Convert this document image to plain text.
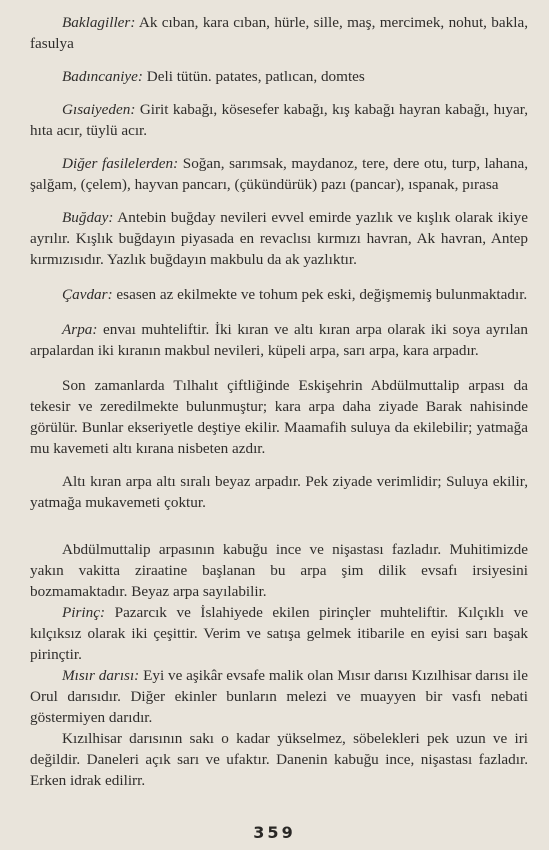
Baklagiller: Ak cıban, kara cıban, hürle, sille, maş, mercimek, nohut, bakla, fasulya

Badıncaniye: Deli tütün. patates, patlıcan, domtes

Gısaiyeden: Girit kabağı, kösesefer kabağı, kış kabağı hayran kabağı, hıyar, hıta acır, tüylü acır.

Diğer fasilelerden: Soğan, sarımsak, maydanoz, tere, dere otu, turp, lahana, şalğam, (çelem), hayvan pancarı, (çükündürük) pazı (pancar), ıspanak, pırasa

Buğday: Antebin buğday nevileri evvel emirde yazlık ve kışlık olarak ikiye ayrılır. Kışlık buğdayın piyasada en revaclısı kırmızı havran, Ak havran, Antep kırmızısıdır. Yazlık buğdayın makbulu da ak yazlıktır.

Çavdar: esasen az ekilmekte ve tohum pek eski, değişmemiş bulunmaktadır.

Arpa: envaı muhteliftir. İki kıran ve altı kıran arpa olarak iki soya ayrılan arpalardan iki kıranın makbul nevileri, küpeli arpa, sarı arpa, kara arpadır.

Son zamanlarda Tılhalıt çiftliğinde Eskişehrin Abdülmuttalip arpası da tekesir ve zeredilmekte bulunmuştur; kara arpa daha ziyade Barak nahisinde görülür. Bunlar ekseriyetle deştiye ekilir. Maamafih suluya da ekilebilir; yatmağa mu kavemeti altı kırana nisbeten azdır.

Altı kıran arpa altı sıralı beyaz arpadır. Pek ziyade verimlidir; Suluya ekilir, yatmağa mukavemeti çoktur.

Abdülmuttalip arpasının kabuğu ince ve nişastası fazladır. Muhitimizde yakın vakitta ziraatine başlanan bu arpa şim dilik evsafı irsiyesini bozmamaktadır. Beyaz arpa sayılabilir.

Pirinç: Pazarcık ve İslahiyede ekilen pirinçler muhteliftir. Kılçıklı ve kılçıksız olarak iki çeşittir. Verim ve satışa gelmek itibarile en eyisi sarı başak pirinçtir.

Mısır darısı: Eyi ve aşikâr evsafe malik olan Mısır darısı Kızılhisar darısı ile Orul darısıdır. Diğer ekinler bunların melezi ve muayyen bir vasfı nebati göstermiyen darıdır.

Kızılhisar darısının sakı o kadar yükselmez, söbelekleri pek uzun ve iri değildir. Daneleri açık sarı ve ufaktır. Danenin kabuğu ince, nişastası fazladır. Erken idrak edilirr.

359
